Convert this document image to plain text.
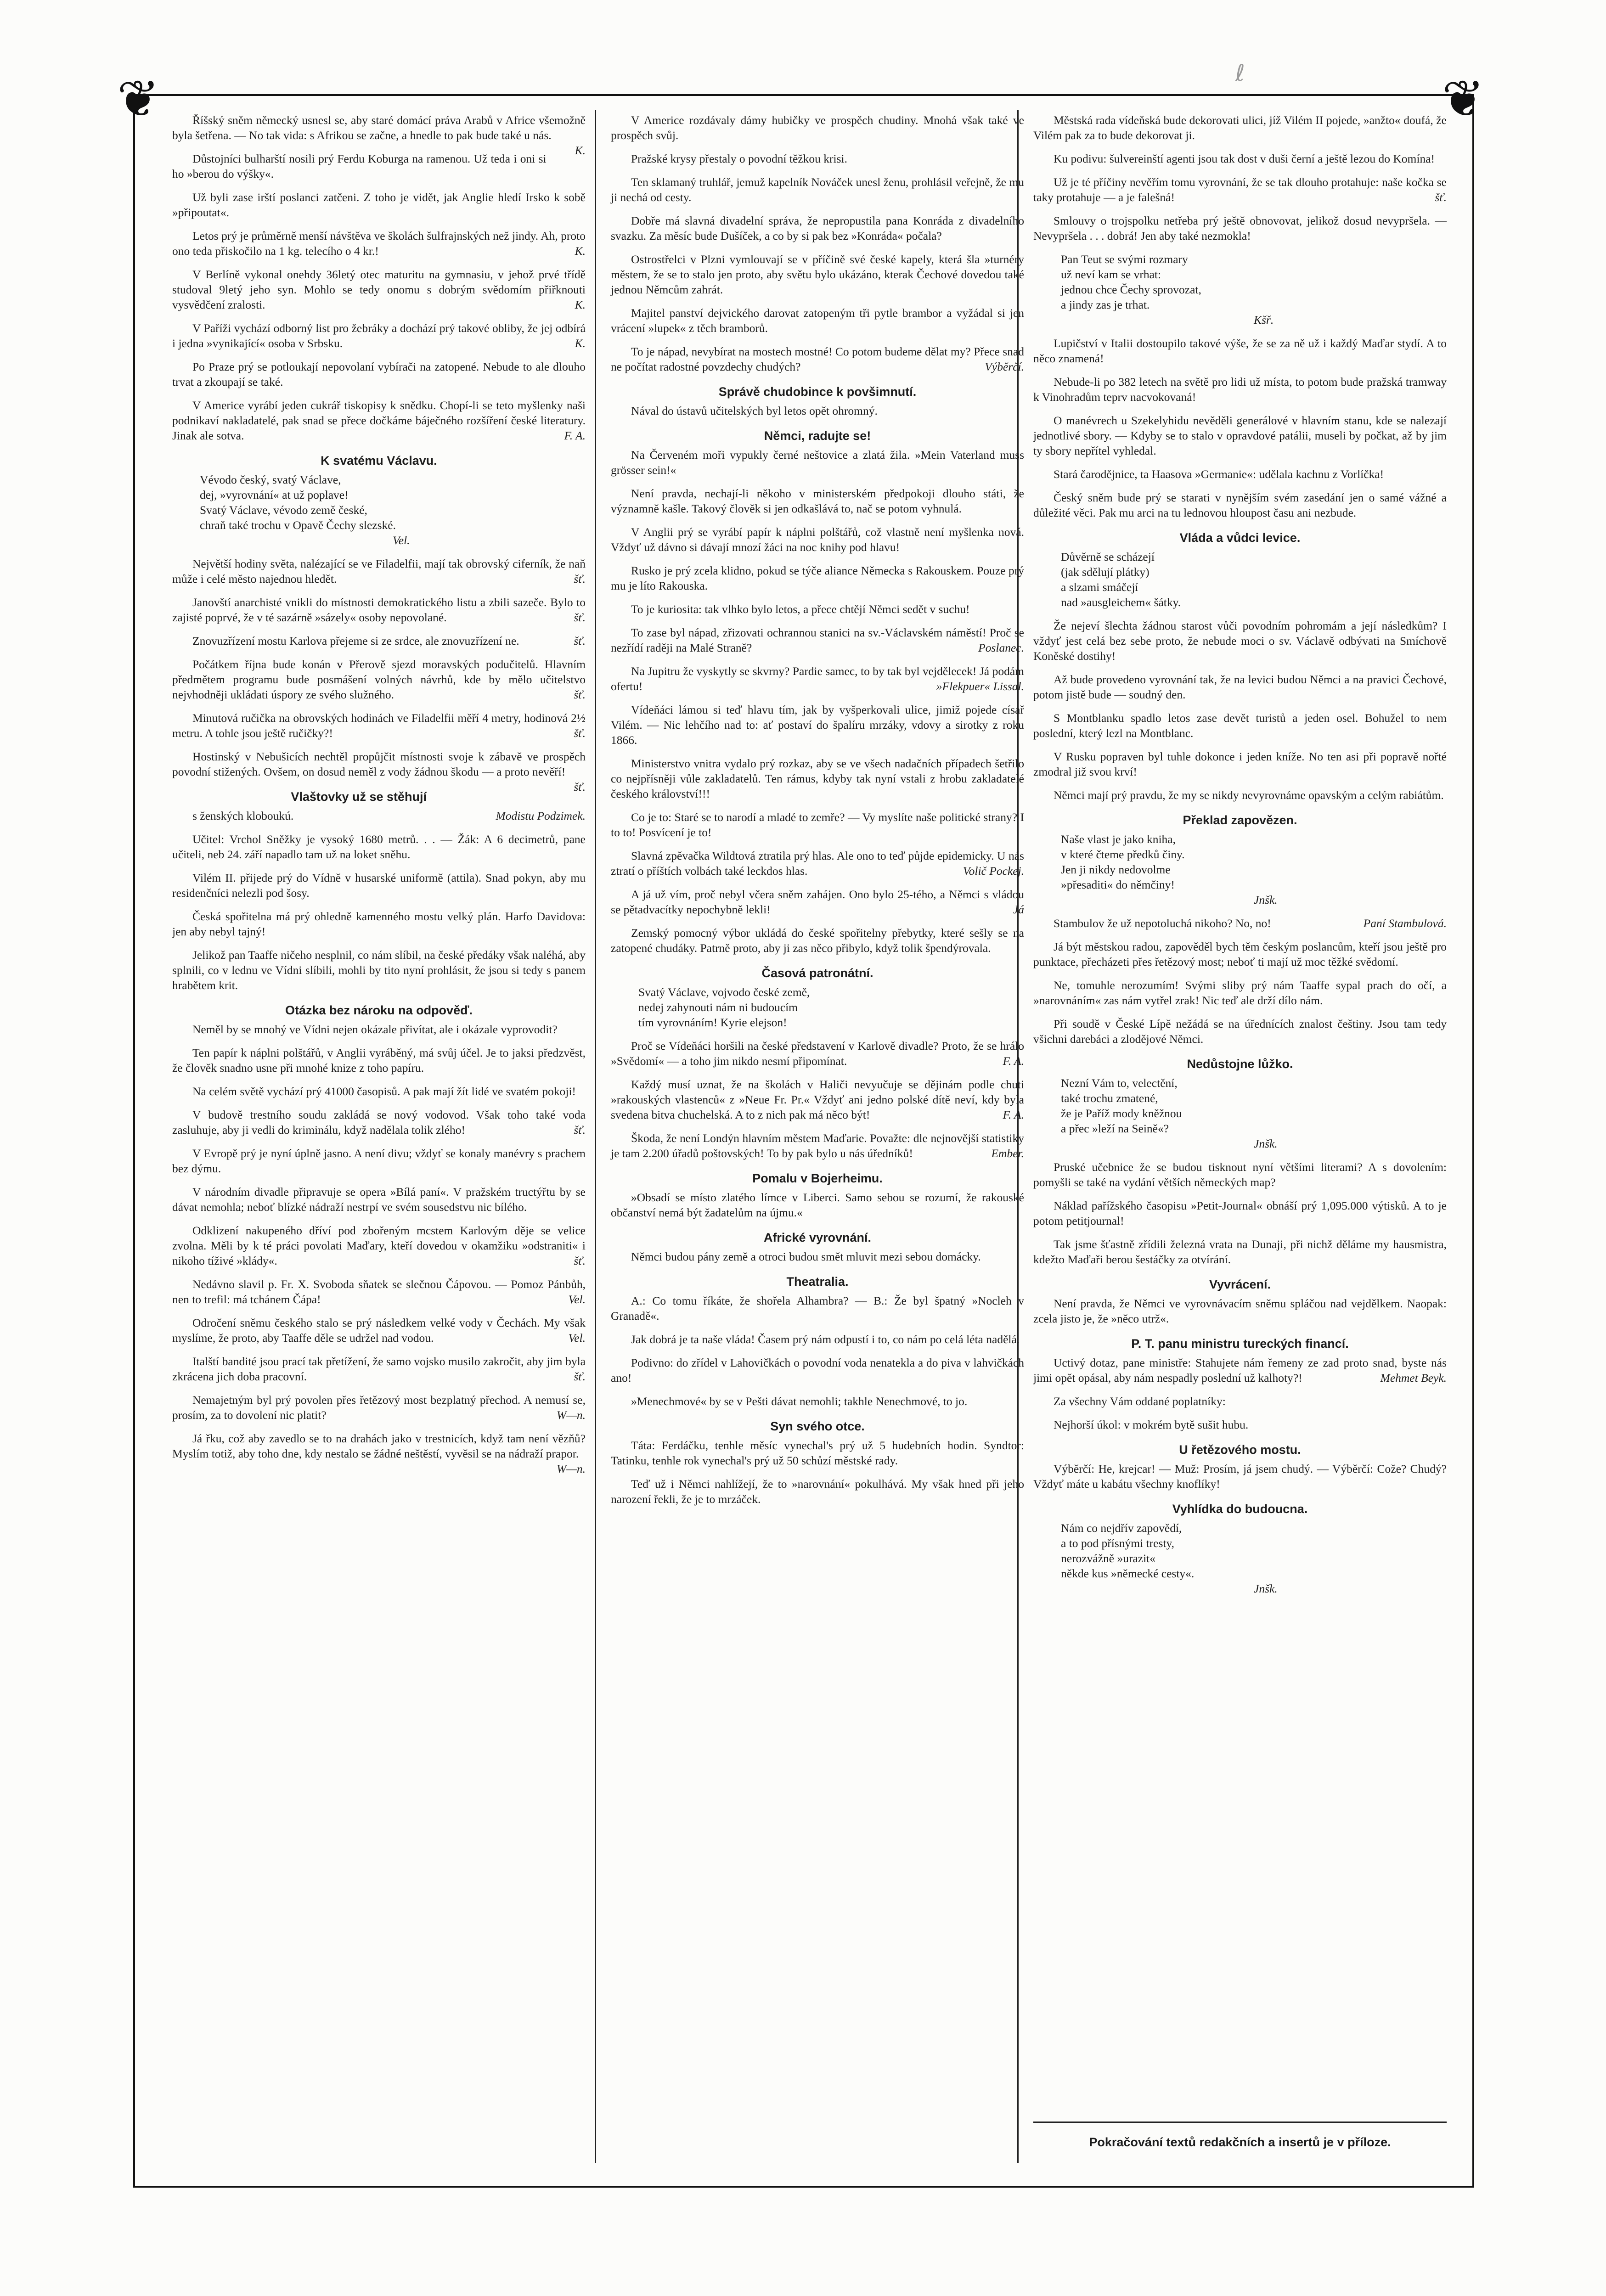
❦	❦
ℓ

Říšský sněm německý usnesl se, aby staré domácí práva Arabů v Africe všemožně byla šetřena. — No tak vida: s Afrikou se začne, a hnedle to pak bude také u nás.
K.

Důstojníci bulharští nosili prý Ferdu Koburga na ramenou. Už teda i oni si ho »berou do výšky«.

Už byli zase irští poslanci zatčeni. Z toho je vidět, jak Anglie hledí Irsko k sobě »připoutat«.

Letos prý je průměrně menší návštěva ve školách šulfrajnských než jindy. Ah, proto ono teda přiskočilo na 1 kg. telecího o 4 kr.!	K.

V Berlíně vykonal onehdy 36letý otec maturitu na gymnasiu, v jehož prvé třídě studoval 9letý jeho syn. Mohlo se tedy onomu s dobrým svědomím přiřknouti vysvědčení zralosti.	K.

V Paříži vychází odborný list pro žebráky a dochází prý takové obliby, že jej odbírá i jedna »vynikající« osoba v Srbsku.	K.

Po Praze prý se potloukají nepovolaní vybírači na zatopené. Nebude to ale dlouho trvat a zkoupají se také.

V Americe vyrábí jeden cukrář tiskopisy k snědku. Chopí-li se teto myšlenky naši podnikaví nakladatelé, pak snad se přece dočkáme báječného rozšíření české literatury. Jinak ale sotva.	F. A.

K svatému Václavu.
Vévodo český, svatý Václave,
dej, »vyrovnání« at už poplave!
Svatý Václave, vévodo země české,
chraň také trochu v Opavě Čechy slezské.
Vel.

Největší hodiny světa, nalézající se ve Filadelfii, mají tak obrovský ciferník, že naň může i celé město najednou hledět.	šť.

Janovští anarchisté vnikli do místnosti demokratického listu a zbili sazeče. Bylo to zajisté poprvé, že v té sazárně »sázely« osoby nepovolané.	šť.

Znovuzřízení mostu Karlova přejeme si ze srdce, ale znovuzřízení ne.	šť.

Počátkem října bude konán v Přerově sjezd moravských podučitelů. Hlavním předmětem programu bude posmášení volných návrhů, kde by mělo učitelstvo nejvhodněji ukládati úspory ze svého služného.	šť.

Minutová ručička na obrovských hodinách ve Filadelfii měří 4 metry, hodinová 2½ metru. A tohle jsou ještě ručičky?!	šť.

Hostinský v Nebušicích nechtěl propůjčit místnosti svoje k zábavě ve prospěch povodní stižených. Ovšem, on dosud neměl z vody žádnou škodu — a proto nevěří!
šť.

Vlaštovky už se stěhují

s ženských kloboukú.	Modistu Podzimek.

Učitel: Vrchol Sněžky je vysoký 1680 metrů. . . — Žák: A 6 decimetrů, pane učiteli, neb 24. září napadlo tam už na loket sněhu.

Vilém II. přijede prý do Vídně v husarské uniformě (attila). Snad pokyn, aby mu residenčníci nelezli pod šosy.

Česká spořitelna má prý ohledně kamenného mostu velký plán. Harfo Davidova: jen aby nebyl tajný!

Jelikož pan Taaffe ničeho nesplnil, co nám slíbil, na české předáky však naléhá, aby splnili, co v lednu ve Vídni slíbili, mohli by tito nyní prohlásit, že jsou si tedy s panem hrabětem krit.

Otázka bez nároku na odpověď.

Neměl by se mnohý ve Vídni nejen okázale přivítat, ale i okázale vyprovodit?

Ten papír k náplni polštářů, v Anglii vyráběný, má svůj účel. Je to jaksi předzvěst, že člověk snadno usne při mnohé knize z toho papíru.

Na celém světě vychází prý 41000 časopisů. A pak mají žít lidé ve svatém pokoji!

V budově trestního soudu zakládá se nový vodovod. Však toho také voda zasluhuje, aby ji vedli do kriminálu, když nadělala tolik zlého!	šť.

V Evropě prý je nyní úplně jasno. A není divu; vždyť se konaly manévry s prachem bez dýmu.

V národním divadle připravuje se opera »Bílá paní«. V pražském tructýřtu by se dávat nemohla; neboť blízké nádraží nestrpí ve svém sousedstvu nic bílého.

Odklizení nakupeného dříví pod zbořeným mcstem Karlovým děje se velice zvolna. Měli by k té práci povolati Maďary, kteří dovedou v okamžiku »odstraniti« i nikoho tíživé »klády«.	šť.

Nedávno slavil p. Fr. X. Svoboda sňatek se slečnou Čápovou. — Pomoz Pánbůh, nen to trefil: má tchánem Čápa!	Vel.

Odročení sněmu českého stalo se prý následkem velké vody v Čechách. My však myslíme, že proto, aby Taaffe děle se udržel nad vodou.	Vel.

Italští bandité jsou prací tak přetížení, že samo vojsko musilo zakročit, aby jim byla zkrácena jich doba pracovní.	šť.

Nemajetným byl prý povolen přes řetězový most bezplatný přechod. A nemusí se, prosím, za to dovolení nic platit?	W—n.

Já řku, což aby zavedlo se to na drahách jako v trestnicích, když tam není vězňů? Myslím totiž, aby toho dne, kdy nestalo se žádné neštěstí, vyvěsil se na nádraží prapor.
W—n.

V Americe rozdávaly dámy hubičky ve prospěch chudiny. Mnohá však také ve prospěch svůj.

Pražské krysy přestaly o povodní těžkou krisi.

Ten sklamaný truhlář, jemuž kapelník Nováček unesl ženu, prohlásil veřejně, že mu ji nechá od cesty.

Dobře má slavná divadelní správa, že nepropustila pana Konráda z divadelního svazku. Za měsíc bude Dušíček, a co by si pak bez »Konráda« počala?

Ostrostřelci v Plzni vymlouvají se v příčině své české kapely, která šla »turnéry městem, že se to stalo jen proto, aby světu bylo ukázáno, kterak Čechové dovedou také jednou Němcům zahrát.

Majitel panství dejvického darovat zatopeným tři pytle brambor a vyžádal si jen vrácení »lupek« z těch bramborů.

To je nápad, nevybírat na mostech mostné! Co potom budeme dělat my? Přece snad ne počítat radostné povzdechy chudých?	Výběrčí.

Správě chudobince k povšimnutí.

Nával do ústavů učitelských byl letos opět ohromný.

Němci, radujte se!

Na Červeném moři vypukly černé neštovice a zlatá žila. »Mein Vaterland muss grösser sein!«

Není pravda, nechají-li někoho v ministerském předpokoji dlouho státi, že významně kašle. Takový člověk si jen odkašlává to, nač se potom vyhnulá.

V Anglii prý se vyrábí papír k náplni polštářů, což vlastně není myšlenka nová. Vždyť už dávno si dávají mnozí žáci na noc knihy pod hlavu!

Rusko je prý zcela klidno, pokud se týče aliance Německa s Rakouskem. Pouze prý mu je líto Rakouska.

To je kuriosita: tak vlhko bylo letos, a přece chtějí Němci sedět v suchu!

To zase byl nápad, zřizovati ochrannou stanici na sv.-Václavském náměstí! Proč se nezřídí raději na Malé Straně?	Poslanec.

Na Jupitru že vyskytly se skvrny? Pardie samec, to by tak byl vejdělecek! Já podám ofertu!	»Flekpuer« Lissal.

Vídeňáci lámou si teď hlavu tím, jak by vyšperkovali ulice, jimiž pojede císař Vilém. — Nic lehčího nad to: ať postaví do špalíru mrzáky, vdovy a sirotky z roku 1866.

Ministerstvo vnitra vydalo prý rozkaz, aby se ve všech nadačních případech šetřilo co nejpřísněji vůle zakladatelů. Ten rámus, kdyby tak nyní vstali z hrobu zakladatelé českého království!!!

Co je to: Staré se to narodí a mladé to zemře? — Vy myslíte naše politické strany? I to to! Posvícení je to!

Slavná zpěvačka Wildtová ztratila prý hlas. Ale ono to teď půjde epidemicky. U nás ztratí o příštích volbách také leckdos hlas.	Volič Pockej.

A já už vím, proč nebyl včera sněm zahájen. Ono bylo 25-tého, a Němci s vládou se pětadvacítky nepochybně lekli!	Já

Zemský pomocný výbor ukládá do české spořitelny přebytky, které sešly se na zatopené chudáky. Patrně proto, aby ji zas něco přibylo, když tolik špendýrovala.

Časová patronátní.
Svatý Václave, vojvodo české země,
nedej zahynouti nám ni budoucím
tím vyrovnáním! Kyrie elejson!

Proč se Vídeňáci horšili na české představení v Karlově divadle? Proto, že se hrálo »Svědomí« — a toho jim nikdo nesmí připomínat.	F. A.

Každý musí uznat, že na školách v Haliči nevyučuje se dějinám podle chuti »rakouských vlastenců« z »Neue Fr. Pr.« Vždyť ani jedno polské dítě neví, kdy byla svedena bitva chuchelská. A to z nich pak má něco být!	F. A.

Škoda, že není Londýn hlavním městem Maďarie. Považte: dle nejnovější statistiky je tam 2.200 úřadů poštovských! To by pak bylo u nás úředníků!	Ember.

Pomalu v Bojerheimu.

»Obsadí se místo zlatého límce v Liberci. Samo sebou se rozumí, že rakouské občanství nemá být žadatelům na újmu.«

Africké vyrovnání.

Němci budou pány země a otroci budou smět mluvit mezi sebou domácky.

Theatralia.

A.: Co tomu říkáte, že shořela Alhambra? — B.: Že byl špatný »Nocleh v Granadě«.

Jak dobrá je ta naše vláda! Časem prý nám odpustí i to, co nám po celá léta nadělá.

Podivno: do zřídel v Lahovičkách o povodní voda nenatekla a do piva v lahvičkách ano!

»Menechmové« by se v Pešti dávat nemohli; takhle Nenechmové, to jo.

Syn svého otce.

Táta: Ferdáčku, tenhle měsíc vynechal's prý už 5 hudebních hodin. Syndtor: Tatinku, tenhle rok vynechal's prý už 50 schůzí městské rady.

Teď už i Němci nahlížejí, že to »narovnání« pokulhává. My však hned při jeho narození řekli, že je to mrzáček.

Městská rada vídeňská bude dekorovati ulici, jíž Vilém II pojede, »anžto« doufá, že Vilém pak za to bude dekorovat ji.

Ku podivu: šulvereinští agenti jsou tak dost v duši černí a ještě lezou do Komína!

Už je té příčiny nevěřím tomu vyrovnání, že se tak dlouho protahuje: naše kočka se taky protahuje — a je falešná!	šť.

Smlouvy o trojspolku netřeba prý ještě obnovovat, jelikož dosud nevypršela. — Nevypršela . . . dobrá! Jen aby také nezmokla!

Pan Teut se svými rozmary
už neví kam se vrhat:
jednou chce Čechy sprovozat,
a jindy zas je trhat.
Kšř.

Lupičství v Italii dostoupilo takové výše, že se za ně už i každý Maďar stydí. A to něco znamená!

Nebude-li po 382 letech na světě pro lidi už místa, to potom bude pražská tramway k Vinohradům teprv nacvokovaná!

O manévrech u Szekelyhidu nevěděli generálové v hlavním stanu, kde se nalezají jednotlivé sbory. — Kdyby se to stalo v opravdové patálii, museli by počkat, až by jim ty sbory nepřítel vyhledal.

Stará čarodějnice, ta Haasova »Germanie«: udělala kachnu z Vorlíčka!

Český sněm bude prý se starati v nynějším svém zasedání jen o samé vážné a důležité věci. Pak mu arci na tu lednovou hloupost času ani nezbude.

Vláda a vůdci levice.
Důvěrně se scházejí
(jak sdělují plátky)
a slzami smáčejí
nad »ausgleichem« šátky.

Že nejeví šlechta žádnou starost vůči povodním pohromám a její následkům? I vždyť jest celá bez sebe proto, že nebude moci o sv. Václavě odbývati na Smíchově Koněské dostihy!

Až bude provedeno vyrovnání tak, že na levici budou Němci a na pravici Čechové, potom jistě bude — soudný den.

S Montblanku spadlo letos zase devět turistů a jeden osel. Bohužel to nem poslední, který lezl na Montblanc.

V Rusku popraven byl tuhle dokonce i jeden kníže. No ten asi při popravě nořté zmodral již svou krví!

Němci mají prý pravdu, že my se nikdy nevyrovnáme opavským a celým rabiátům.

Překlad zapovězen.
Naše vlast je jako kniha,
v které čteme předků činy.
Jen ji nikdy nedovolme
»přesaditi« do němčiny!
Jnšk.

Stambulov že už nepotoluchá nikoho? No, no!	Paní Stambulová.

Já být městskou radou, zapověděl bych těm českým poslancům, kteří jsou ještě pro punktace, přecházeti přes řetězový most; neboť ti mají už moc těžké svědomí.

Ne, tomuhle nerozumím! Svými sliby prý nám Taaffe sypal prach do očí, a »narovnáním« zas nám vytřel zrak! Nic teď ale drží dílo nám.

Při soudě v České Lípě nežádá se na úřednících znalost češtiny. Jsou tam tedy všichni darebáci a zlodějové Němci.

Nedůstojne lůžko.
Nezní Vám to, velectění,
také trochu zmatené,
že je Paříž mody kněžnou
a přec »leží na Seině«?
Jnšk.

Pruské učebnice že se budou tisknout nyní většími literami? A s dovolením: pomyšli se také na vydání větších německých map?

Náklad pařížského časopisu »Petit-Journal« obnáší prý 1,095.000 výtisků. A to je potom petitjournal!

Tak jsme šťastně zřídili železná vrata na Dunaji, při nichž děláme my hausmistra, kdežto Maďaři berou šestáčky za otvírání.

Vyvrácení.

Není pravda, že Němci ve vyrovnávacím sněmu spláčou nad vejdělkem. Naopak: zcela jisto je, že »něco utrž«.

P. T. panu ministru tureckých financí.

Uctivý dotaz, pane ministře: Stahujete nám řemeny ze zad proto snad, byste nás jimi opět opásal, aby nám nespadly poslední už kalhoty?!	Mehmet Beyk.

Za všechny Vám oddané poplatníky:

Nejhorší úkol: v mokrém bytě sušit hubu.

U řetězového mostu.

Výběrčí: He, krejcar! — Muž: Prosím, já jsem chudý. — Výběrčí: Cože? Chudý? Vždyť máte u kabátu všechny knoflíky!

Vyhlídka do budoucna.
Nám co nejdřív zapovědí,
a to pod přísnými tresty,
nerozvážně »urazit«
někde kus »německé cesty«.
Jnšk.
Pokračování textů redakčních a insertů je v příloze.
